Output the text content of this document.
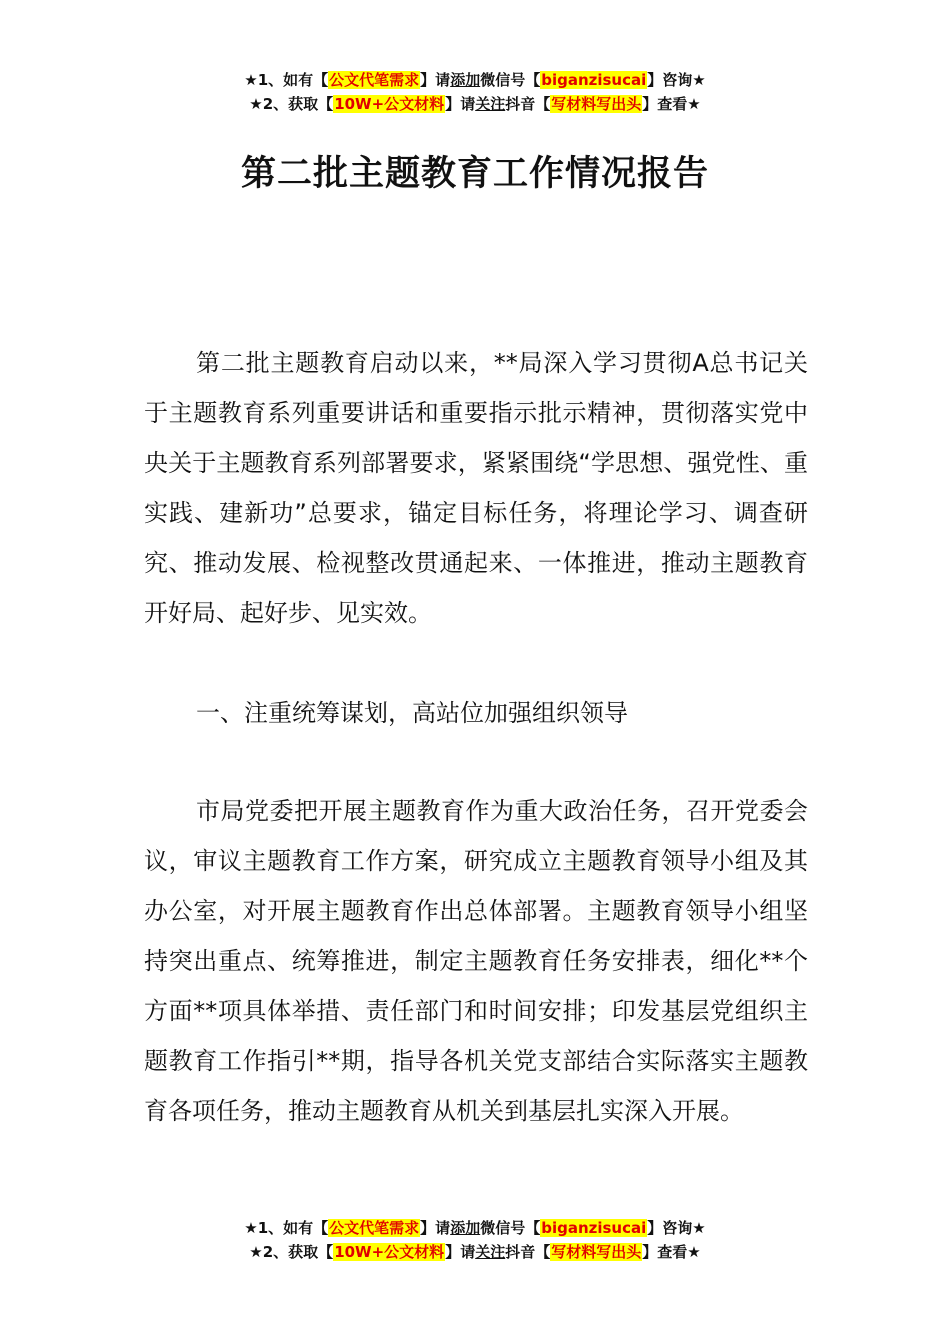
★1、如有【公文代笔需求】请添加微信号【biganzisucai】咨询★
★2、获取【10W+公文材料】请关注抖音【写材料写出头】查看★
第二批主题教育工作情况报告

第二批主题教育启动以来，**局深入学习贯彻A总书记关于主题教育系列重要讲话和重要指示批示精神，贯彻落实党中央关于主题教育系列部署要求，紧紧围绕“学思想、强党性、重实践、建新功”总要求，锚定目标任务，将理论学习、调查研究、推动发展、检视整改贯通起来、一体推进，推动主题教育开好局、起好步、见实效。

一、注重统筹谋划，高站位加强组织领导

市局党委把开展主题教育作为重大政治任务，召开党委会议，审议主题教育工作方案，研究成立主题教育领导小组及其办公室，对开展主题教育作出总体部署。主题教育领导小组坚持突出重点、统筹推进，制定主题教育任务安排表，细化**个方面**项具体举措、责任部门和时间安排；印发基层党组织主题教育工作指引**期，指导各机关党支部结合实际落实主题教育各项任务，推动主题教育从机关到基层扎实深入开展。

★1、如有【公文代笔需求】请添加微信号【biganzisucai】咨询★
★2、获取【10W+公文材料】请关注抖音【写材料写出头】查看★
